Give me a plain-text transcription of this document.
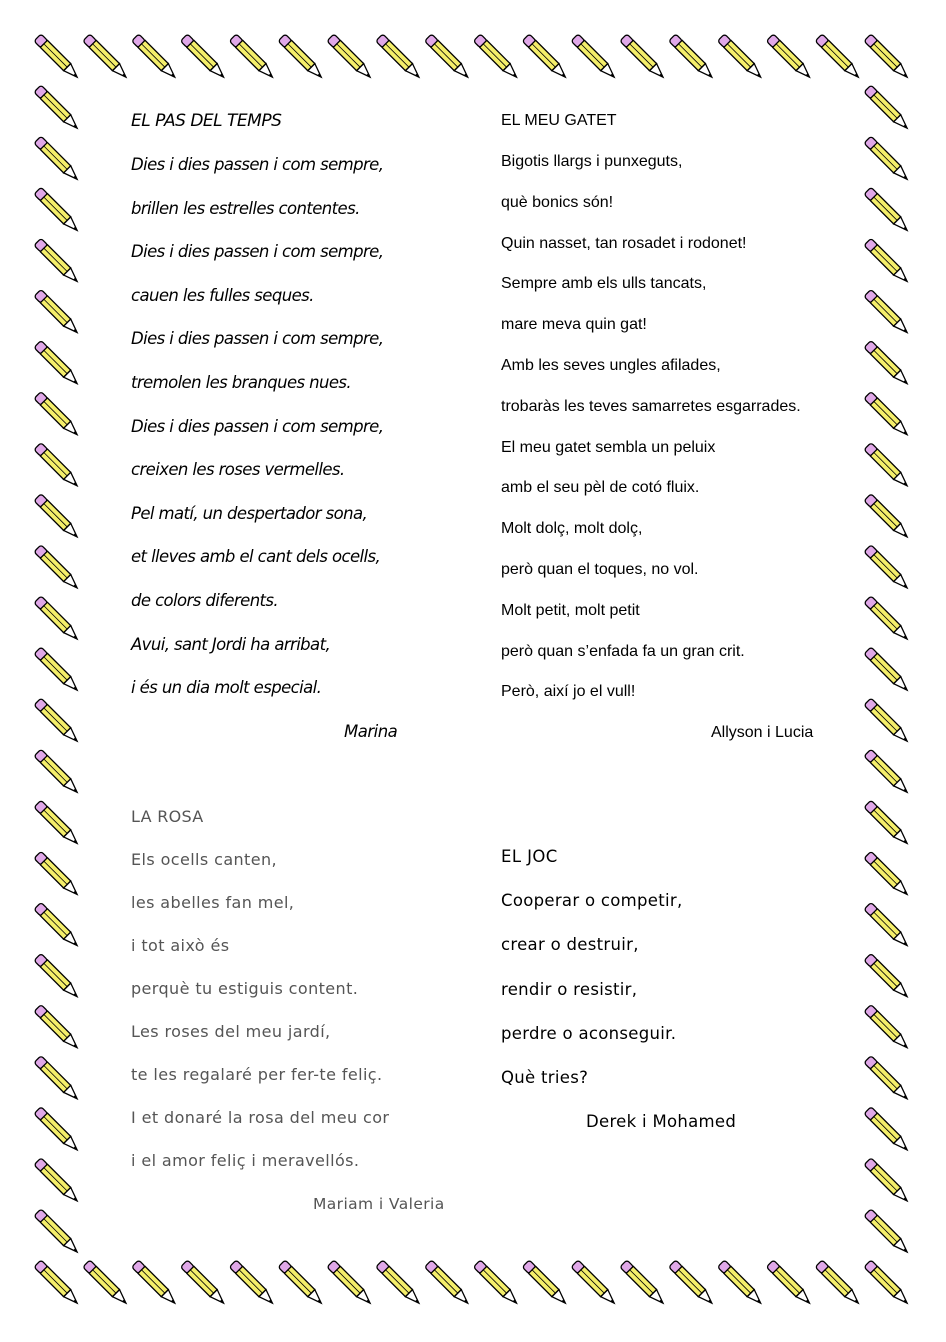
EL PAS DEL TEMPS

Dies i dies passen i com sempre,

brillen les estrelles contentes.

Dies i dies passen i com sempre,

cauen les fulles seques.

Dies i dies passen i com sempre,

tremolen les branques nues.

Dies i dies passen i com sempre,

creixen les roses vermelles.

Pel matí, un despertador sona,

et lleves amb el cant dels ocells,

de colors diferents.

Avui, sant Jordi ha arribat,

i és un dia molt especial.

Marina

EL MEU GATET

Bigotis llargs i punxeguts,

què bonics són!

Quin nasset, tan rosadet i rodonet!

Sempre amb els ulls tancats,

mare meva quin gat!

Amb les seves ungles afilades,

trobaràs les teves samarretes esgarrades.

El meu gatet sembla un peluix

amb el seu pèl de cotó fluix.

Molt dolç, molt dolç,

però quan el toques, no vol.

Molt petit, molt petit

però quan s’enfada fa un gran crit.

Però, així jo el vull!

Allyson i Lucia

LA ROSA

Els ocells canten,

les abelles fan mel,

i tot això és

perquè tu estiguis content.

Les roses del meu jardí,

te les regalaré per fer-te feliç.

I et donaré la rosa del meu cor

i el amor feliç i meravellós.

Mariam i Valeria

EL JOC

Cooperar o competir,

crear o destruir,

rendir o resistir,

perdre o aconseguir.

Què tries?

Derek i Mohamed
